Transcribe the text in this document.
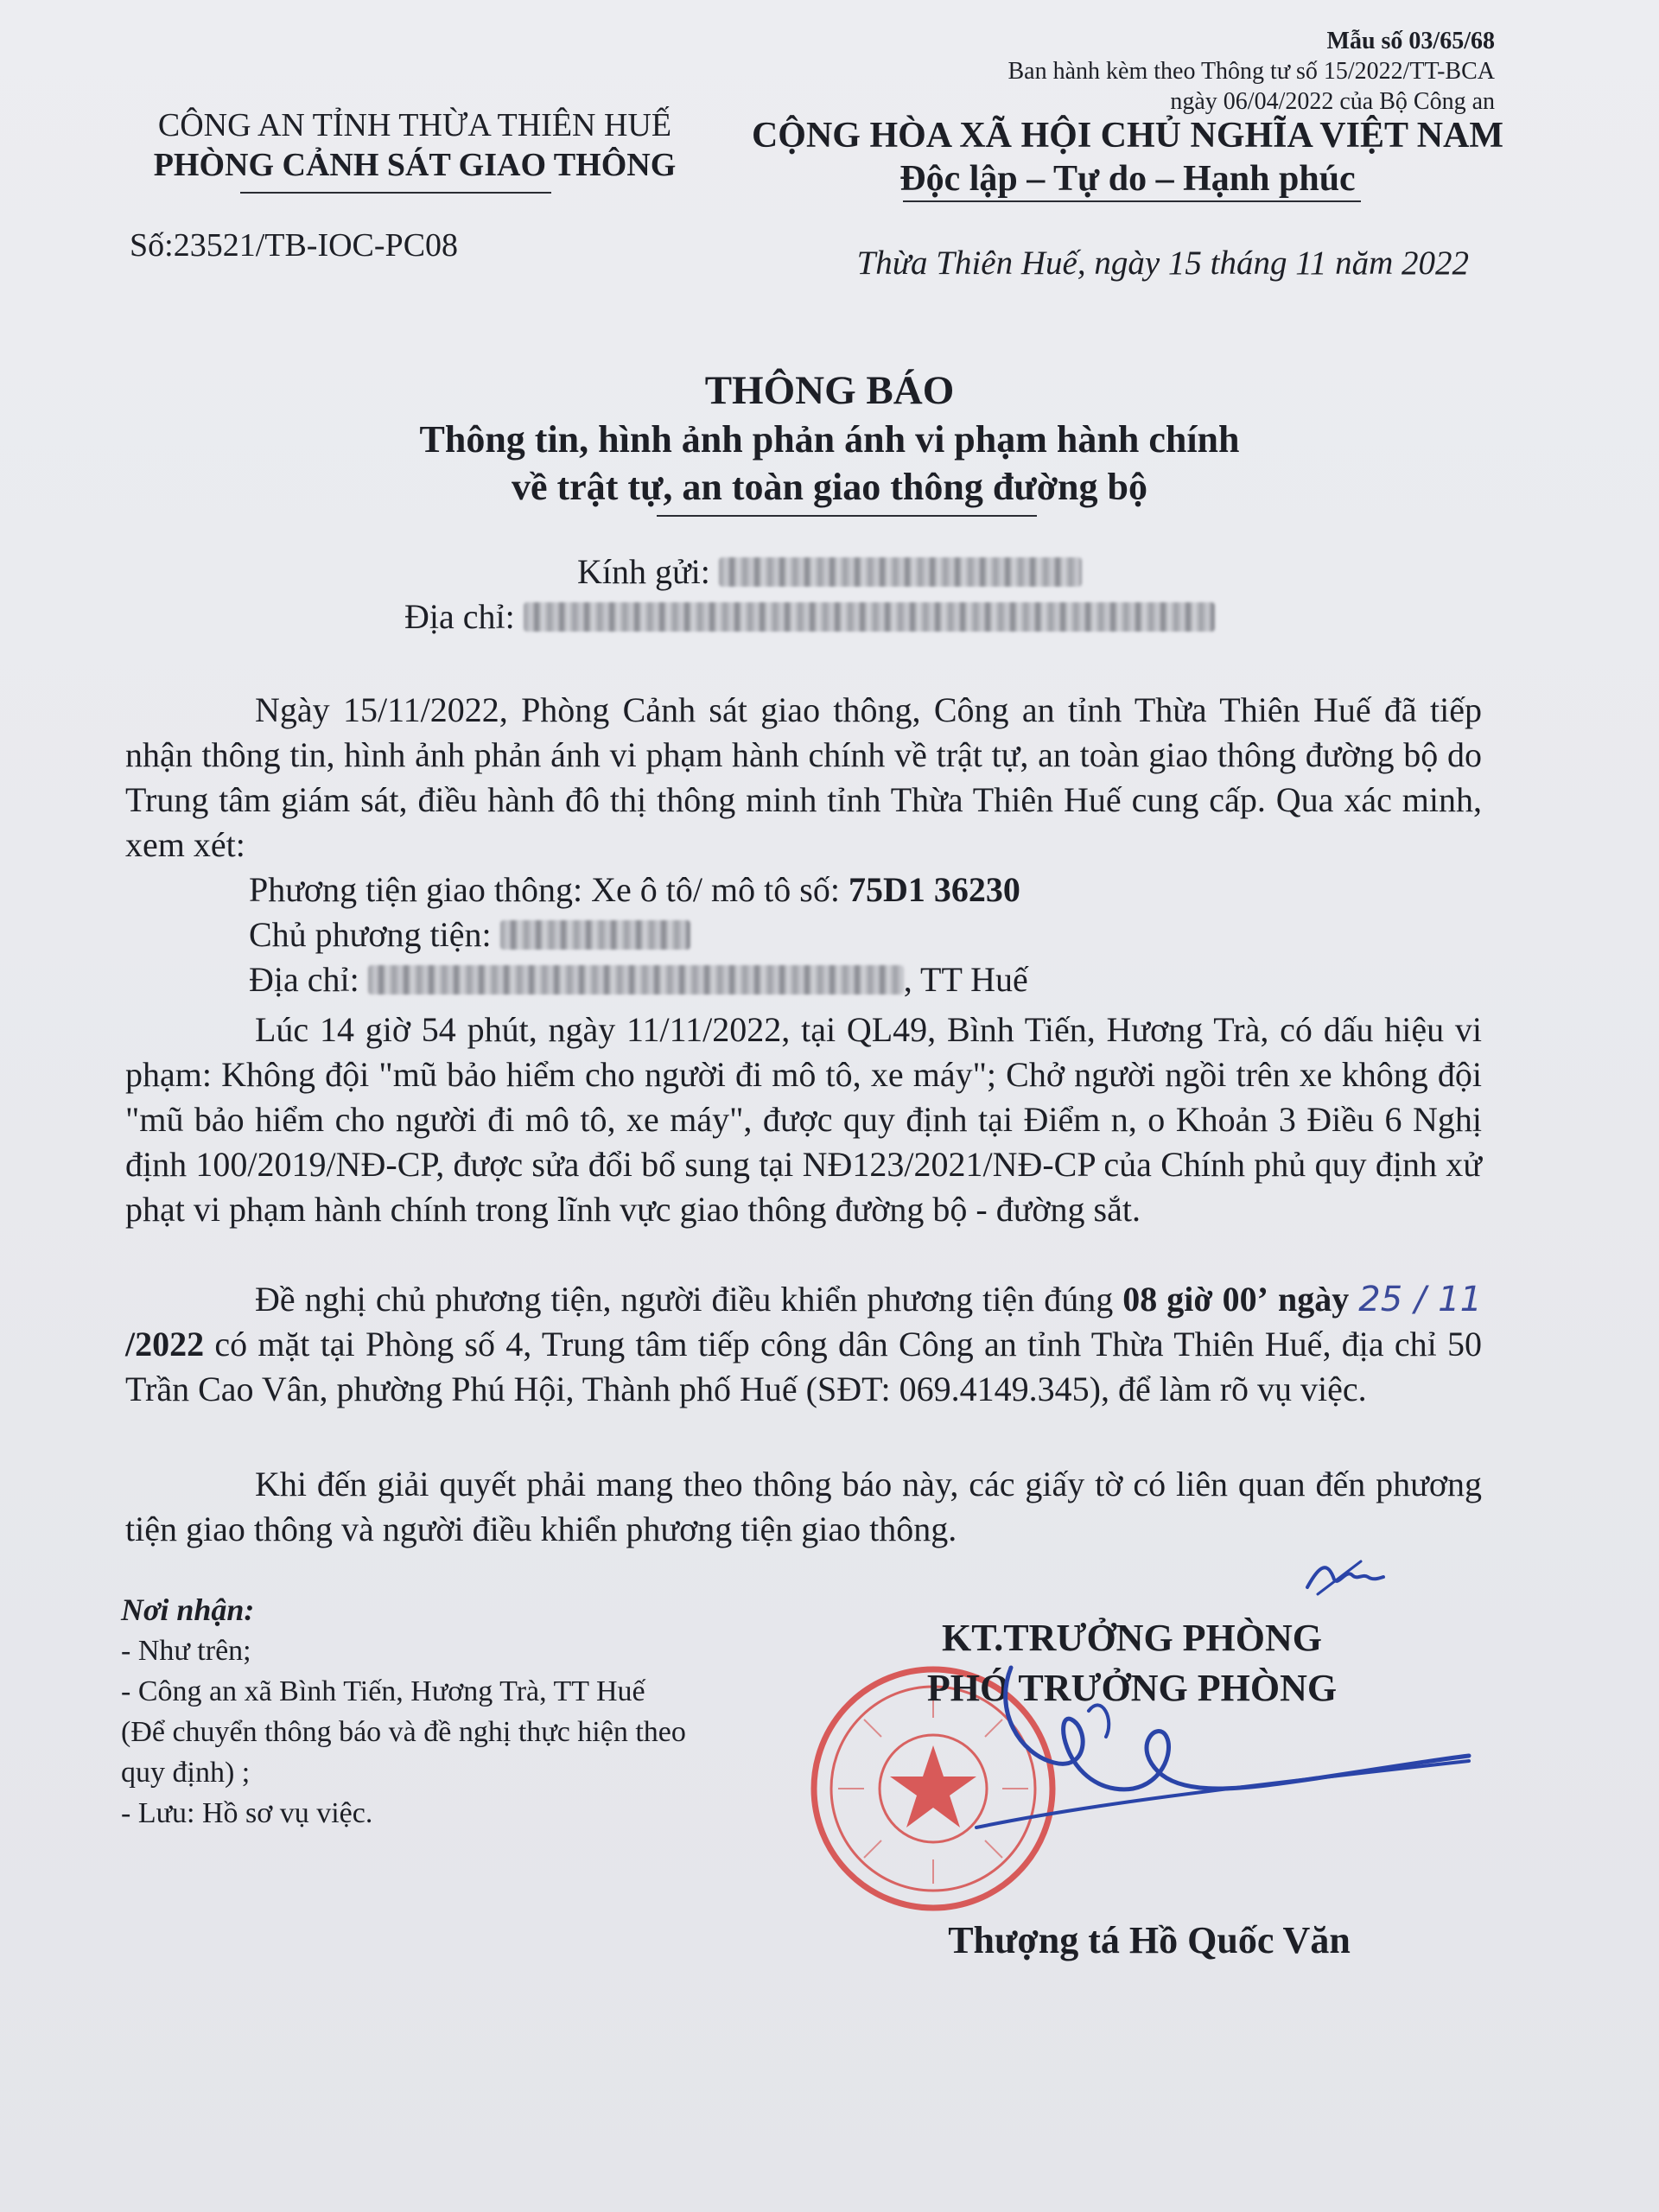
Mẫu số 03/65/68
Ban hành kèm theo Thông tư số 15/2022/TT-BCA
ngày 06/04/2022 của Bộ Công an
CÔNG AN TỈNH THỪA THIÊN HUẾ
PHÒNG CẢNH SÁT GIAO THÔNG
Số:23521/TB-IOC-PC08
CỘNG HÒA XÃ HỘI CHỦ NGHĨA VIỆT NAM
Độc lập – Tự do – Hạnh phúc
Thừa Thiên Huế, ngày 15 tháng 11 năm 2022
THÔNG BÁO
Thông tin, hình ảnh phản ánh vi phạm hành chính
về trật tự, an toàn giao thông đường bộ
Kính gửi:
Địa chỉ:

Ngày 15/11/2022, Phòng Cảnh sát giao thông, Công an tỉnh Thừa Thiên Huế đã tiếp nhận thông tin, hình ảnh phản ánh vi phạm hành chính về trật tự, an toàn giao thông đường bộ do Trung tâm giám sát, điều hành đô thị thông minh tỉnh Thừa Thiên Huế cung cấp. Qua xác minh, xem xét:

Phương tiện giao thông: Xe ô tô/ mô tô số: 75D1 36230
Chủ phương tiện:
Địa chỉ:	, TT Huế

Lúc 14 giờ 54 phút, ngày 11/11/2022, tại QL49, Bình Tiến, Hương Trà, có dấu hiệu vi phạm: Không đội "mũ bảo hiểm cho người đi mô tô, xe máy"; Chở người ngồi trên xe không đội "mũ bảo hiểm cho người đi mô tô, xe máy", được quy định tại Điểm n, o Khoản 3 Điều 6 Nghị định 100/2019/NĐ-CP, được sửa đổi bổ sung tại NĐ123/2021/NĐ-CP của Chính phủ quy định xử phạt vi phạm hành chính trong lĩnh vực giao thông đường bộ - đường sắt.

Đề nghị chủ phương tiện, người điều khiển phương tiện đúng 08 giờ 00’ ngày 25 / 11 /2022 có mặt tại Phòng số 4, Trung tâm tiếp công dân Công an tỉnh Thừa Thiên Huế, địa chỉ 50 Trần Cao Vân, phường Phú Hội, Thành phố Huế (SĐT: 069.4149.345), để làm rõ vụ việc.

Khi đến giải quyết phải mang theo thông báo này, các giấy tờ có liên quan đến phương tiện giao thông và người điều khiển phương tiện giao thông.

Nơi nhận:
- Như trên;
- Công an xã Bình Tiến, Hương Trà, TT Huế
(Để chuyển thông báo và đề nghị thực hiện theo
quy định) ;
- Lưu: Hồ sơ vụ việc.
KT.TRƯỞNG PHÒNG
PHÓ TRƯỞNG PHÒNG
Thượng tá Hồ Quốc Văn
